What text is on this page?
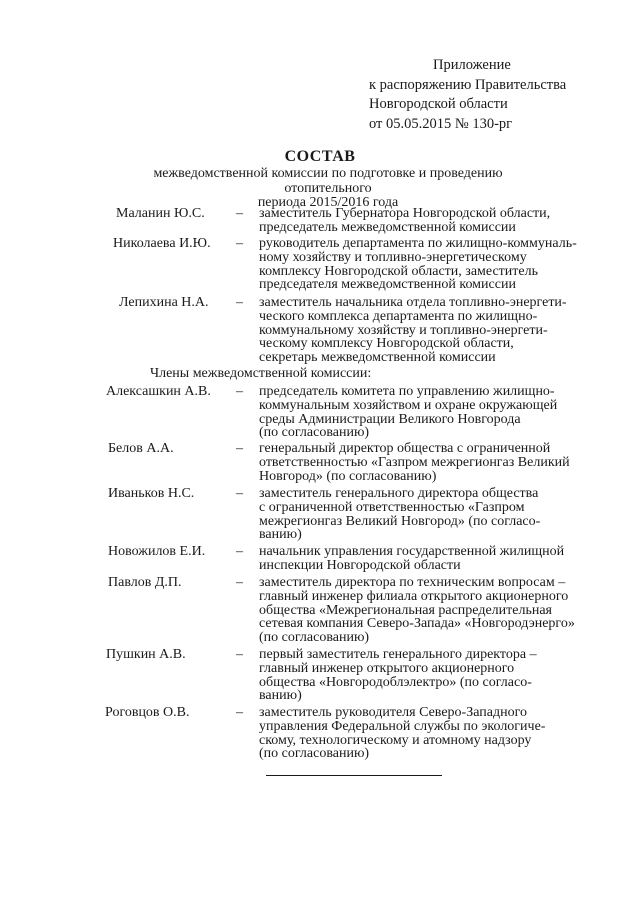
Приложение
к распоряжению Правительства
Новгородской области
от 05.05.2015 № 130-рг
СОСТАВ
межведомственной комиссии по подготовке и проведению отопительного
периода 2015/2016 года
Маланин Ю.С. – заместитель Губернатора Новгородской области,
председатель межведомственной комиссии
Николаева И.Ю. – руководитель департамента по жилищно-коммуналь-
ному хозяйству и топливно-энергетическому
комплексу Новгородской области, заместитель
председателя межведомственной комиссии
Лепихина Н.А. – заместитель начальника отдела топливно-энергети-
ческого комплекса департамента по жилищно-
коммунальному хозяйству и топливно-энергети-
ческому комплексу Новгородской области,
секретарь межведомственной комиссии
Члены межведомственной комиссии:
Алексашкин А.В. – председатель комитета по управлению жилищно-
коммунальным хозяйством и охране окружающей
среды Администрации Великого Новгорода
(по согласованию)
Белов А.А.	– генеральный директор общества с ограниченной
ответственностью «Газпром межрегионгаз Великий
Новгород» (по согласованию)
Иваньков Н.С.	– заместитель генерального директора общества
с ограниченной ответственностью «Газпром
межрегионгаз Великий Новгород» (по согласо-
ванию)
Новожилов Е.И. – начальник управления государственной жилищной
инспекции Новгородской области
Павлов Д.П.	– заместитель директора по техническим вопросам –
главный инженер филиала открытого акционерного
общества «Межрегиональная распределительная
сетевая компания Северо-Запада» «Новгородэнерго»
(по согласованию)
Пушкин А.В.	– первый заместитель генерального директора –
главный инженер открытого акционерного
общества «Новгородоблэлектро» (по согласо-
ванию)
Роговцов О.В.	– заместитель руководителя Северо-Западного
управления Федеральной службы по экологиче-
скому, технологическому и атомному надзору
(по согласованию)
